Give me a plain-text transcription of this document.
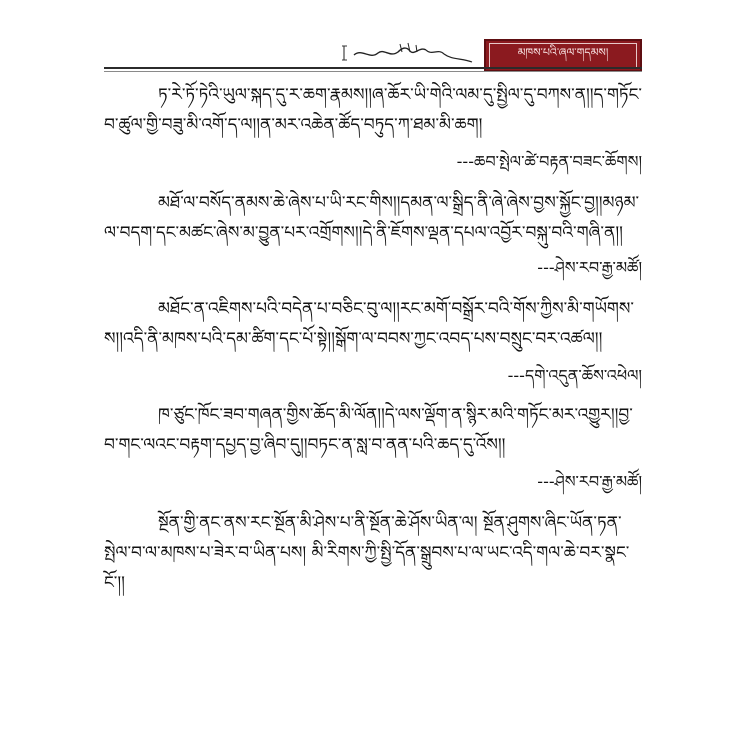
མཁས་པའི་ཞལ་གདམས།

ཏ་རེ་ཏོ་ཏེའི་ཡུལ་སྐད་དུ་ར་ཆག་རྣམས།།ཞ་ཆོར་ཡི་གེའི་ལམ་དུ་སྤྱིལ་དུ་བཀས་ན།།ད་གཏོང་བ་ཚུལ་གྱི་བཟུ་མི་འགོ་ད་ལ།།ན་མར་འཆེན་ཚོད་བཏུད་ཀ་ཐམ་མི་ཆག།

---ཆབ་སྤེལ་ཚེ་བརྟན་བཟང་ཆོགས།

མཐོ་ལ་བསོད་ནམས་ཆེ་ཞེས་པ་ཡི་རང་གིས།།དམན་ལ་སྒྲིད་ནི་ཞེ་ཞེས་བྱས་སྐྱོང་བྱ།།མཉམ་ལ་བདག་དང་མཚང་ཞེས་མ་བྱུན་པར་འགྲོགས།།དེ་ནི་ཇོགས་ལྡན་དཔལ་འབྱོར་བསྐུ་བའི་གཞི་ན།།

---ཤེས་རབ་རྒྱ་མཚོ།

མཐོང་ན་འཇིགས་པའི་བདེན་པ་བཅིང་བུ་ལ།།རང་མགོ་བསྒྲོར་བའི་གོས་ཀྱིས་མི་གཡོགས་ས།།འདི་ནི་མཁས་པའི་དམ་ཚིག་དང་པོ་སྟེ།།སྒོག་ལ་བབས་ཀྱང་འབད་པས་བསྲུང་བར་འཚལ།།

---དགེ་འདུན་ཆོས་འཕེལ།

ཁ་ཙུང་ཁོང་ཟབ་གཞན་གྱིས་ཆོད་མི་ལོན།།དེ་ལས་ལྡོག་ན་སྙིར་མའི་གཏོང་མར་འགྱུར།།བྱ་བ་གང་ལའང་བརྟག་དཔྱད་བྱ་ཞིབ་དུ།།བཏང་ན་སླ་བ་ནན་པའི་ཆད་དུ་འོས།།

---ཤེས་རབ་རྒྱ་མཚོ།

སྔོན་གྱི་ནང་ནས་རང་སྔོན་མི་ཤེས་པ་ནི་སྔོན་ཆེ་ཤོས་ཡིན་ལ། སྔོན་ཤུགས་ཞིང་ཡོན་ཏན་སྤེལ་བ་ལ་མཁས་པ་ཟེར་བ་ཡིན་པས། མི་རིགས་ཀྱི་སྤྱི་དོན་སྒྲུབས་པ་ལ་ཡང་འདི་གལ་ཆེ་བར་སྣང་ངོ་།།
